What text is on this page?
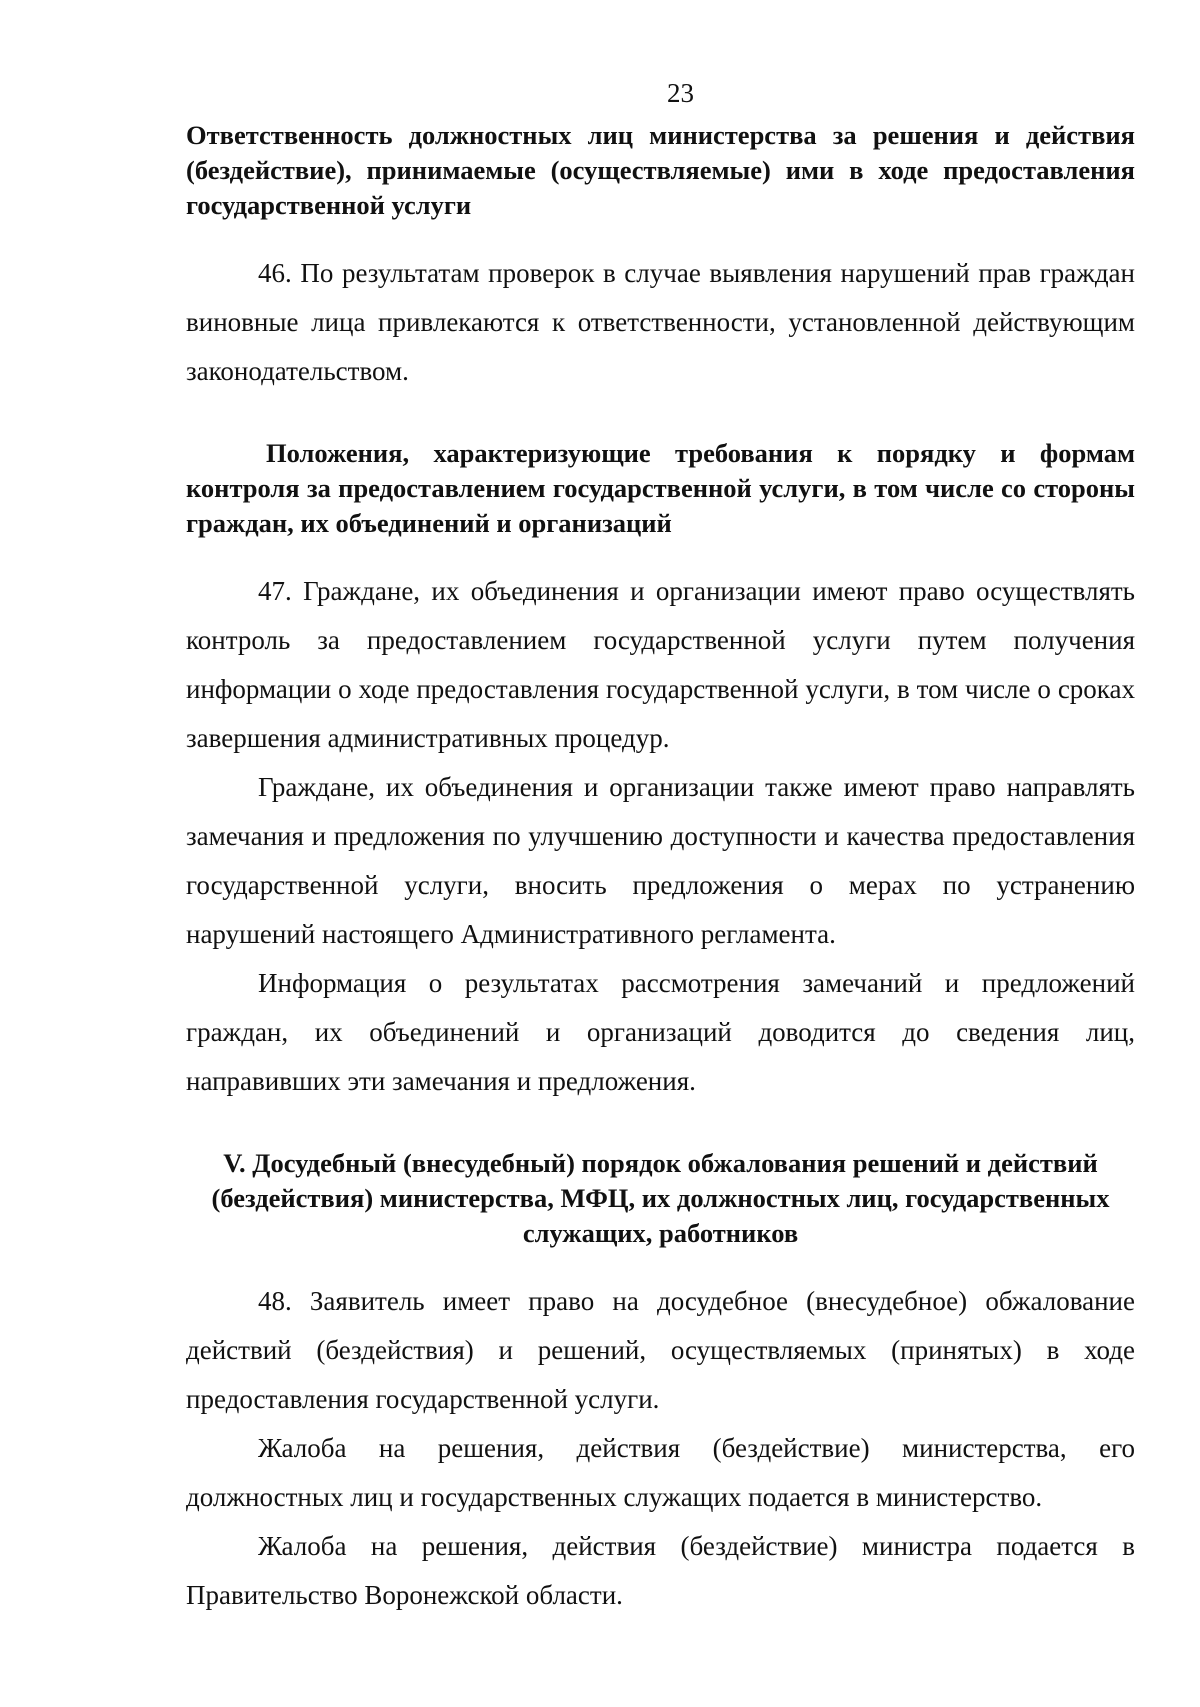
23

Ответственность должностных лиц министерства за решения и действия (бездействие), принимаемые (осуществляемые) ими в ходе предоставления государственной услуги

46. По результатам проверок в случае выявления нарушений прав граждан виновные лица привлекаются к ответственности, установленной действующим законодательством.

Положения, характеризующие требования к порядку и формам контроля за предоставлением государственной услуги, в том числе со стороны граждан, их объединений и организаций

47. Граждане, их объединения и организации имеют право осуществлять контроль за предоставлением государственной услуги путем получения информации о ходе предоставления государственной услуги, в том числе о сроках завершения административных процедур.

Граждане, их объединения и организации также имеют право направлять замечания и предложения по улучшению доступности и качества предоставления государственной услуги, вносить предложения о мерах по устранению нарушений настоящего Административного регламента.

Информация о результатах рассмотрения замечаний и предложений граждан, их объединений и организаций доводится до сведения лиц, направивших эти замечания и предложения.

V. Досудебный (внесудебный) порядок обжалования решений и действий (бездействия) министерства, МФЦ, их должностных лиц, государственных служащих, работников

48. Заявитель имеет право на досудебное (внесудебное) обжалование действий (бездействия) и решений, осуществляемых (принятых) в ходе предоставления государственной услуги.

Жалоба на решения, действия (бездействие) министерства, его должностных лиц и государственных служащих подается в министерство.

Жалоба на решения, действия (бездействие) министра подается в Правительство Воронежской области.
